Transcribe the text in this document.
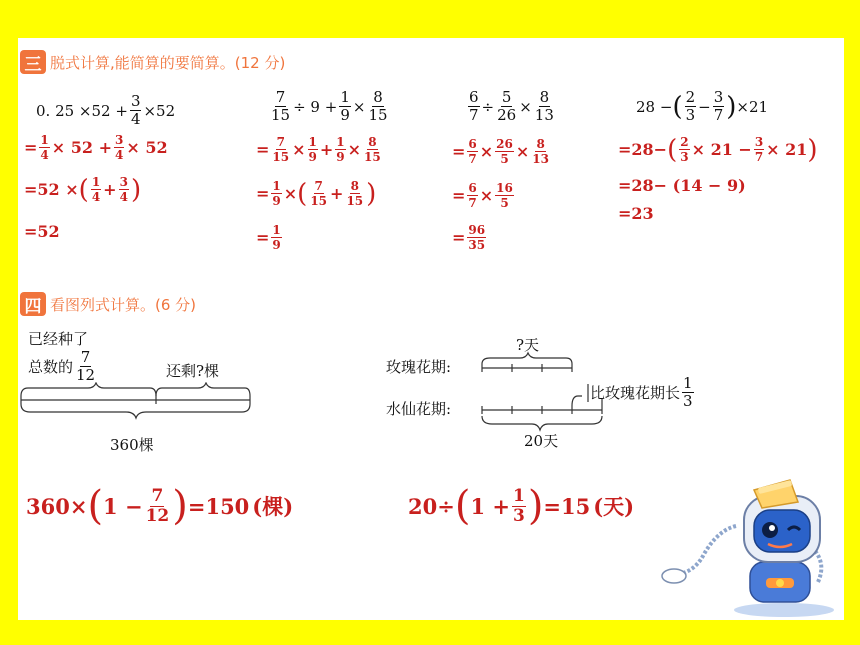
三 脱式计算,能简算的要简算。(12 分)
0. $25 \times 52 + \frac{3}{4} \times 52$
= $\frac{1}{4} \times 52 + \frac{3}{4} \times 52$
=52 × ( $\frac{1}{4} + \frac{3}{4}$ )
=52
$\frac{7}{15} \div 9 + \frac{1}{9} \times \frac{8}{15}$
= $\frac{7}{15} \times \frac{1}{9} + \frac{1}{9} \times \frac{8}{15}$
= $\frac{1}{9}$ × ( $\frac{7}{15} + \frac{8}{15}$ )
= $\frac{1}{9}$
$\frac{6}{7} \div \frac{5}{26} \times \frac{8}{13}$
= $\frac{6}{7} \times \frac{26}{5} \times \frac{8}{13}$
= $\frac{6}{7} \times \frac{16}{5}$
= $\frac{96}{35}$
28 − ( $\frac{2}{3} - \frac{3}{7}$ ) ×21
=28− ( $\frac{2}{3} \times 21 - \frac{3}{7} \times 21$ )
=28− (14 − 9)
=23
四 看图列式计算。(6 分)
已经种了
总数的 $\frac{7}{12}$	还剩?棵
360棵
?天
玫瑰花期:
水仙花期:
比玫瑰花期长 $\frac{1}{3}$
20天
360× ( $1 - \frac{7}{12}$ ) =150 (棵)	20÷ ( $1 + \frac{1}{3}$ ) =15 (天)
